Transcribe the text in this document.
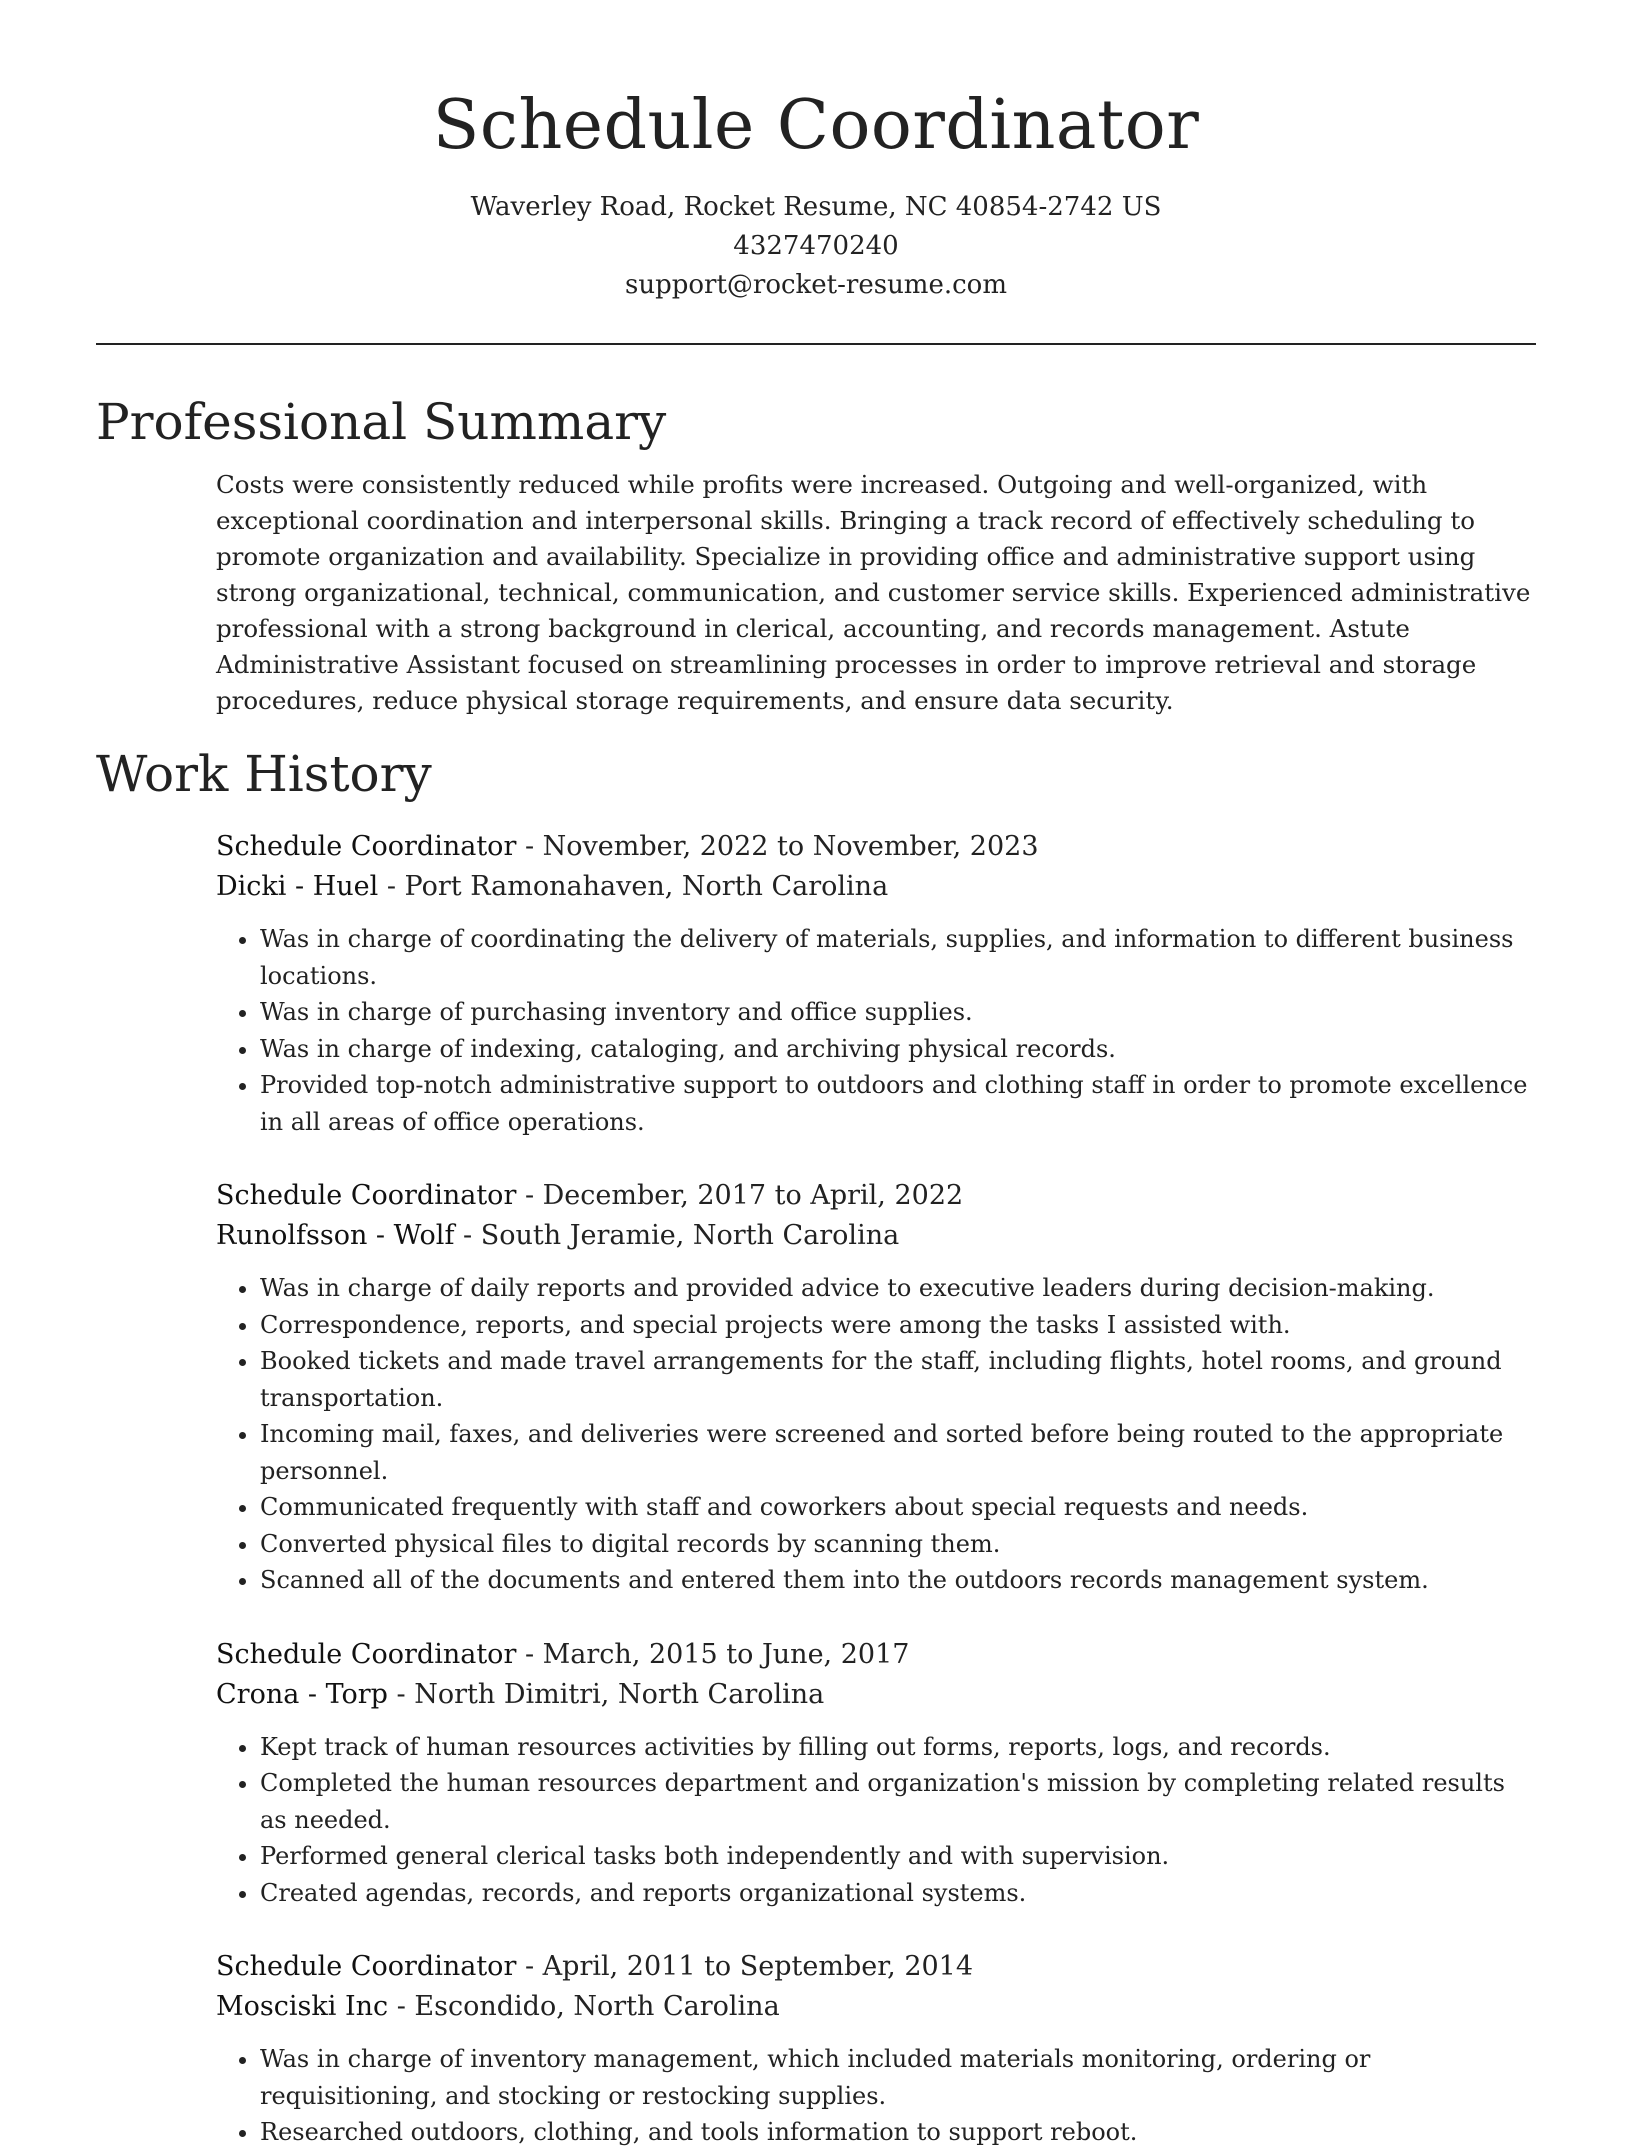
Schedule Coordinator
Waverley Road, Rocket Resume, NC 40854-2742 US
4327470240
support@rocket-resume.com
Professional Summary
Costs were consistently reduced while profits were increased. Outgoing and well-organized, with exceptional coordination and interpersonal skills. Bringing a track record of effectively scheduling to promote organization and availability. Specialize in providing office and administrative support using strong organizational, technical, communication, and customer service skills. Experienced administrative professional with a strong background in clerical, accounting, and records management. Astute Administrative Assistant focused on streamlining processes in order to improve retrieval and storage procedures, reduce physical storage requirements, and ensure data security.
Work History
Schedule Coordinator - November, 2022 to November, 2023
Dicki - Huel - Port Ramonahaven, North Carolina
• Was in charge of coordinating the delivery of materials, supplies, and information to different business locations.
• Was in charge of purchasing inventory and office supplies.
• Was in charge of indexing, cataloging, and archiving physical records.
• Provided top-notch administrative support to outdoors and clothing staff in order to promote excellence in all areas of office operations.
Schedule Coordinator - December, 2017 to April, 2022
Runolfsson - Wolf - South Jeramie, North Carolina
• Was in charge of daily reports and provided advice to executive leaders during decision-making.
• Correspondence, reports, and special projects were among the tasks I assisted with.
• Booked tickets and made travel arrangements for the staff, including flights, hotel rooms, and ground transportation.
• Incoming mail, faxes, and deliveries were screened and sorted before being routed to the appropriate personnel.
• Communicated frequently with staff and coworkers about special requests and needs.
• Converted physical files to digital records by scanning them.
• Scanned all of the documents and entered them into the outdoors records management system.
Schedule Coordinator - March, 2015 to June, 2017
Crona - Torp - North Dimitri, North Carolina
• Kept track of human resources activities by filling out forms, reports, logs, and records.
• Completed the human resources department and organization's mission by completing related results as needed.
• Performed general clerical tasks both independently and with supervision.
• Created agendas, records, and reports organizational systems.
Schedule Coordinator - April, 2011 to September, 2014
Mosciski Inc - Escondido, North Carolina
• Was in charge of inventory management, which included materials monitoring, ordering or requisitioning, and stocking or restocking supplies.
• Researched outdoors, clothing, and tools information to support reboot.
